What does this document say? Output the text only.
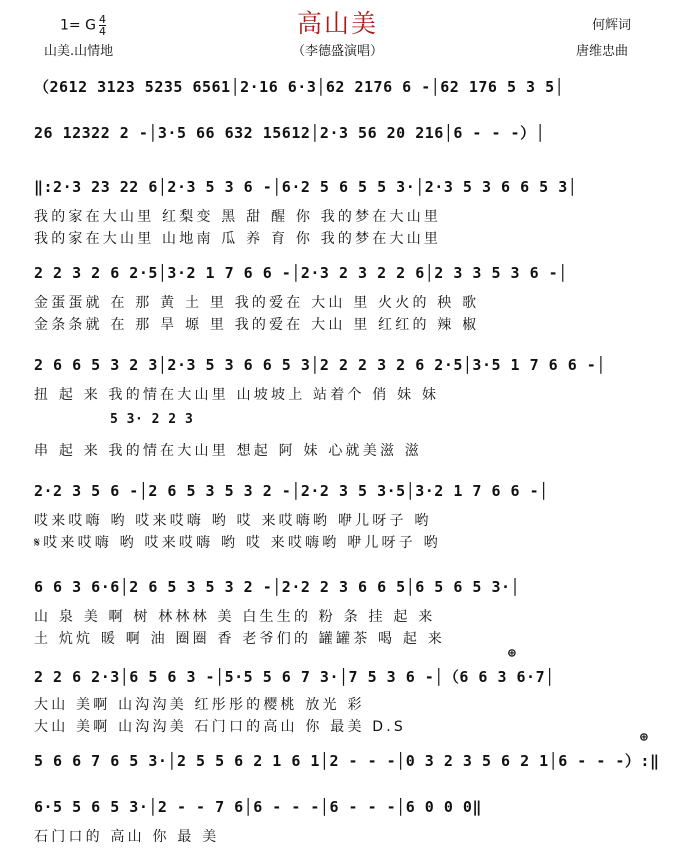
高山美
（李德盛演唱）
1= G $\frac{4}{4}$
山美.山情地
何辉词
唐维忠曲
（2612 3123 5235 6561│2·16 6·3│62 2176 6 -│62 176 5 3 5│
26 12322 2 -│3·5 66 632 15612│2·3 56 20 216│6 - - -）│
‖:2·3 23 22 6│2·3 5 3 6 -│6·2 5 6 5 5 3·│2·3 5 3 6 6 5 3│
我的家在大山里 红梨变 黑 甜 醒 你 我的梦在大山里
我的家在大山里 山地南 瓜 养 育 你 我的梦在大山里
2 2 3 2 6 2·5│3·2 1 7 6 6 -│2·3 2 3 2 2 6│2 3 3 5 3 6 -│
金蛋蛋就 在 那 黄 土 里 我的爱在 大山 里 火火的 秧 歌
金条条就 在 那 旱 塬 里 我的爱在 大山 里 红红的 辣 椒
2 6 6 5 3 2 3│2·3 5 3 6 6 5 3│2 2 2 3 2 6 2·5│3·5 1 7 6 6 -│
5 3· 2 2 3
扭 起 来 我的情在大山里 山坡坡上 站着个 俏 妹 妹
串 起 来 我的情在大山里 想起 阿 妹 心就美滋 滋
2·2 3 5 6 -│2 6 5 3 5 3 2 -│2·2 3 5 3·5│3·2 1 7 6 6 -│
哎来哎嗨 哟 哎来哎嗨 哟 哎 来哎嗨哟 咿儿呀子 哟
𝄋哎来哎嗨 哟 哎来哎嗨 哟 哎 来哎嗨哟 咿儿呀子 哟
6 6 3 6·6│2 6 5 3 5 3 2 -│2·2 2 3 6 6 5│6 5 6 5 3·│
山 泉 美 啊 树 林林林 美 白生生的 粉 条 挂 起 来
土 炕炕 暖 啊 油 圈圈 香 老爷们的 罐罐茶 喝 起 来
2 2 6 2·3│6 5 6 3 -│5·5 5 6 7 3·│7 5 3 6 -│（6 6 3 6·7│
⊕
大山 美啊 山沟沟美 红彤彤的樱桃 放光 彩
大山 美啊 山沟沟美 石门口的高山 你 最美 D.S
5 6 6 7 6 5 3·│2 5 5 6 2 1 6 1│2 - - -│0 3 2 3 5 6 2 1│6 - - -）:‖
⊕
6·5 5 6 5 3·│2 - - 7 6│6 - - -│6 - - -│6 0 0 0‖
石门口的 高山 你 最 美
